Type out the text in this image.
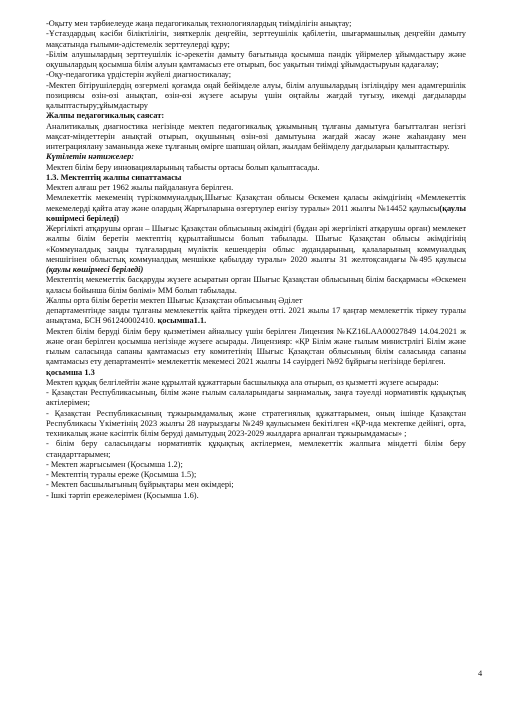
-Оқыту мен тәрбиелеуде жаңа педагогикалық технологиялардың тиімділігін анықтау;

-Ұстаздардың кәсіби біліктілігін, зияткерлік деңгейін, зерттеушілік қабілетін, шығармашылық деңгейін дамыту мақсатында ғылыми-әдістемелік зерттеулерді құру;

-Білім алушылардың зерттеушілік іс-әрекетін дамыту бағытында қосымша пәндік үйірмелер ұйымдастыру және оқушылардың қосымша білім алуын қамтамасыз ете отырып, бос уақытын тиімді ұйымдастыруын қадағалау;

-Оқу-педагогика үрдістерін жүйелі диагностикалау;

-Мектеп бітірушілердің өзгермелі қоғамда оңай бейімделе алуы, білім алушылардың ізгіліндіру мен адамгершілік позициясы өзін-өзі анықтап, өзін-өзі жүзеге асыруы үшін оңтайлы жағдай туғызу, икемді дағдыларды қалыптастыру;ұйымдастыру

Жалпы педагогикалық саясат:

Аналитикалық диагностика негізінде мектеп педагогикалық ұжымының тұлғаны дамытуға бағытталған негізгі мақсат-міндеттерін анықтай отырып, оқушының өзін-өзі дамытуына жағдай жасау және жаһандану мен интеграциялану заманында жеке тұлғаның өмірге шапшаң ойлап, жылдам бейімделу дағдыларын қалыптастыру.

Күтілетін нәтижелер:

Мектеп білім беру инновацияларының табысты ортасы болып қалыптасады.

1.3. Мектептің жалпы сипаттамасы

Мектеп алғаш рет 1962 жылы пайдалануға берілген.

Мемлекеттік мекеменің түрі:коммуналдық.Шығыс Қазақстан облысы Өскемен қаласы әкімдігінің «Мемлекеттік мекемелерді қайта атау және олардың Жарғыларына өзгертулер енгізу туралы» 2011 жылғы №14452 қаулысы(қаулы көшірмесі беріледі)

Жергілікті атқарушы орган – Шығыс Қазақстан облысының әкімдігі (бұдан әрі жергілікті атқарушы орган) мемлекет жалпы білім беретін мектептің құрылтайшысы болып табылады. Шығыс Қазақстан облысы әкімдігінің «Коммуналдық заңды тұлғалардың мүліктік кешендерін облыс аудандарының, қалаларының коммуналдық меншігінен облыстық коммуналдық меншікке қабылдау туралы» 2020 жылғы 31 желтоқсандағы №495 қаулысы (қаулы көшірмесі беріледі)

Мектептің мекеметтік басқаруды жүзеге асыратын орган Шығыс Қазақстан облысының білім басқармасы «Өскемен қаласы бойынша білім бөлімі» ММ болып табылады.

Жалпы орта білім беретін мектеп Шығыс Қазақстан облысының Әділет

департаментінде заңды тұлғаны мемлекеттік қайта тіркеуден өтті. 2021 жылы 17 қаңтар мемлекеттік тіркеу туралы анықтама, БСН 961240002410. қосымша1.1.

Мектеп білім беруді білім беру қызметімен айналысу үшін берілген Лицензия №KZ16LAA00027849 14.04.2021 ж және оған берілген қосымша негізінде жүзеге асырады. Лицензияр: «ҚР Білім және ғылым министрлігі Білім және ғылым саласында сапаны қамтамасыз ету комитетінің Шығыс Қазақстан облысының білім саласында сапаны қамтамасыз ету департаменті» мемлекеттік мекемесі 2021 жылғы 14 сәуірдегі №92 бұйрығы негізінде берілген.

қосымша 1.3

Мектеп құқық белгілейтін және құрылтай құжаттарын басшылыққа ала отырып, өз қызметті жүзеге асырады:

- Қазақстан Республикасының, білім және ғылым салаларындағы заңнамалық, заңға тәуелді нормативтік құқықтық актілерімен;

- Қазақстан Республикасының тұжырымдамалық және стратегиялық құжаттарымен, оның ішінде Қазақстан Республикасы Үкіметінің 2023 жылғы 28 наурыздағы №249 қаулысымен бекітілген «ҚР-нда мектепке дейінгі, орта, техникалық және кәсіптік білім беруді дамытудың 2023-2029 жылдарға арналған тұжырымдамасы» ;

- білім беру саласындағы нормативтік құқықтық актілермен, мемлекеттік жалпыға міндетті білім беру стандарттарымен;

- Мектеп жарғысымен (Қосымша 1.2);

- Мектептің туралы ереже (Қосымша 1.5);

- Мектеп басшылығының бұйрықтары мен өкімдері;

- Ішкі тәртіп ережелерімен (Қосымша 1.6).

4
